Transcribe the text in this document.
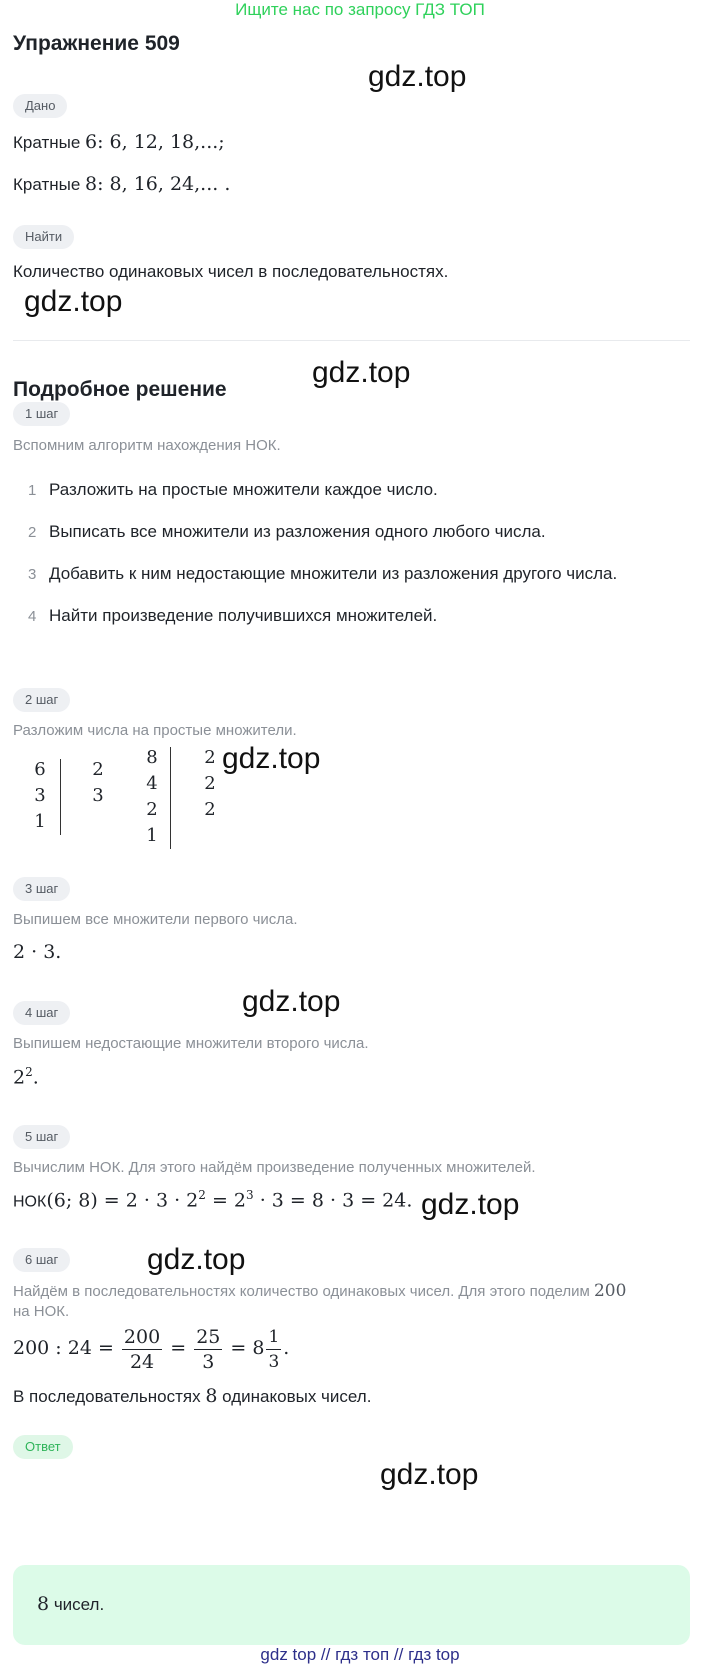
Ищите нас по запросу ГДЗ ТОП
Упражнение 509
gdz.top
Дано
Кратные 6: 6, 12, 18,...;
Кратные 8: 8, 16, 24,... .
Найти
Количество одинаковых чисел в последовательностях.
gdz.top
Подробное решение
gdz.top
1 шаг
Вспомним алгоритм нахождения НОК.
1 Разложить на простые множители каждое число.
2 Выписать все множители из разложения одного любого числа.
3 Добавить к ним недостающие множители из разложения другого числа.
4 Найти произведение получившихся множителей.
2 шаг
Разложим числа на простые множители.
6
3
1
2
3
8
4
2
1
2
2
2
gdz.top
3 шаг
Выпишем все множители первого числа.
2 · 3.
gdz.top
4 шаг
Выпишем недостающие множители второго числа.
$2^2$.
5 шаг
Вычислим НОК. Для этого найдём произведение полученных множителей.
НОК(6; $8) = 2 \cdot 3 \cdot 2^2 = 2^3 \cdot 3 = 8 \cdot 3 = 24$. gdz.top
6 шаг	gdz.top
Найдём в последовательностях количество одинаковых чисел. Для этого поделим 200
на НОК.
200 : $24 = \frac{200}{24} = \frac{25}{3} = 8 \frac{1}{3}$ .
В последовательностях 8 одинаковых чисел.
Ответ
gdz.top
8 чисел.
gdz top // гдз топ // гдз top
